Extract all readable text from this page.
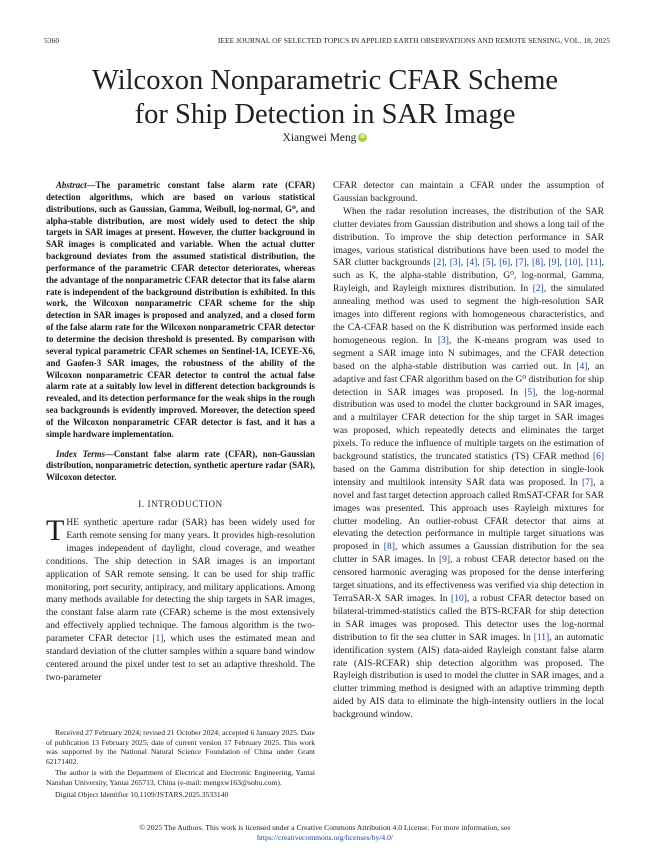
5360	IEEE JOURNAL OF SELECTED TOPICS IN APPLIED EARTH OBSERVATIONS AND REMOTE SENSING, VOL. 18, 2025
Wilcoxon Nonparametric CFAR Scheme
for Ship Detection in SAR Image
Xiangwei Meng iD

Abstract—The parametric constant false alarm rate (CFAR) detection algorithms, which are based on various statistical distributions, such as Gaussian, Gamma, Weibull, log-normal, G⁰, and alpha-stable distribution, are most widely used to detect the ship targets in SAR images at present. However, the clutter background in SAR images is complicated and variable. When the actual clutter background deviates from the assumed statistical distribution, the performance of the parametric CFAR detector deteriorates, whereas the advantage of the nonparametric CFAR detector that its false alarm rate is independent of the background distribution is exhibited. In this work, the Wilcoxon nonparametric CFAR scheme for the ship detection in SAR images is proposed and analyzed, and a closed form of the false alarm rate for the Wilcoxon nonparametric CFAR detector to determine the decision threshold is presented. By comparison with several typical parametric CFAR schemes on Sentinel-1A, ICEYE-X6, and Gaofen-3 SAR images, the robustness of the ability of the Wilcoxon nonparametric CFAR detector to control the actual false alarm rate at a suitably low level in different detection backgrounds is revealed, and its detection performance for the weak ships in the rough sea backgrounds is evidently improved. Moreover, the detection speed of the Wilcoxon nonparametric CFAR detector is fast, and it has a simple hardware implementation.

Index Terms—Constant false alarm rate (CFAR), non-Gaussian distribution, nonparametric detection, synthetic aperture radar (SAR), Wilcoxon detector.

I. INTRODUCTION

THE synthetic aperture radar (SAR) has been widely used for Earth remote sensing for many years. It provides high-resolution images independent of daylight, cloud coverage, and weather conditions. The ship detection in SAR images is an important application of SAR remote sensing. It can be used for ship traffic monitoring, port security, antipiracy, and military applications. Among many methods available for detecting the ship targets in SAR images, the constant false alarm rate (CFAR) scheme is the most extensively and effectively applied technique. The famous algorithm is the two-parameter CFAR detector [1], which uses the estimated mean and standard deviation of the clutter samples within a square band window centered around the pixel under test to set an adaptive threshold. The two-parameter

Received 27 February 2024; revised 21 October 2024; accepted 6 January 2025. Date of publication 13 February 2025; date of current version 17 February 2025. This work was supported by the National Natural Science Foundation of China under Grant 62171402.

The author is with the Department of Electrical and Electronic Engineering, Yantai Nanshan University, Yantai 265713, China (e-mail: mengxw163@sohu.com).

Digital Object Identifier 10.1109/JSTARS.2025.3533140

CFAR detector can maintain a CFAR under the assumption of Gaussian background.

When the radar resolution increases, the distribution of the SAR clutter deviates from Gaussian distribution and shows a long tail of the distribution. To improve the ship detection performance in SAR images, various statistical distributions have been used to model the SAR clutter backgrounds [2], [3], [4], [5], [6], [7], [8], [9], [10], [11], such as K, the alpha-stable distribution, G⁰, log-normal, Gamma, Rayleigh, and Rayleigh mixtures distribution. In [2], the simulated annealing method was used to segment the high-resolution SAR images into different regions with homogeneous characteristics, and the CA-CFAR based on the K distribution was performed inside each homogeneous region. In [3], the K-means program was used to segment a SAR image into N subimages, and the CFAR detection based on the alpha-stable distribution was carried out. In [4], an adaptive and fast CFAR algorithm based on the G⁰ distribution for ship detection in SAR images was proposed. In [5], the log-normal distribution was used to model the clutter background in SAR images, and a multilayer CFAR detection for the ship target in SAR images was proposed, which repeatedly detects and eliminates the target pixels. To reduce the influence of multiple targets on the estimation of background statistics, the truncated statistics (TS) CFAR method [6] based on the Gamma distribution for ship detection in single-look intensity and multilook intensity SAR data was proposed. In [7], a novel and fast target detection approach called RmSAT-CFAR for SAR images was presented. This approach uses Rayleigh mixtures for clutter modeling. An outlier-robust CFAR detector that aims at elevating the detection performance in multiple target situations was proposed in [8], which assumes a Gaussian distribution for the sea clutter in SAR images. In [9], a robust CFAR detector based on the censored harmonic averaging was proposed for the dense interfering target situations, and its effectiveness was verified via ship detection in TerraSAR-X SAR images. In [10], a robust CFAR detector based on bilateral-trimmed-statistics called the BTS-RCFAR for ship detection in SAR images was proposed. This detector uses the log-normal distribution to fit the sea clutter in SAR images. In [11], an automatic identification system (AIS) data-aided Rayleigh constant false alarm rate (AIS-RCFAR) ship detection algorithm was proposed. The Rayleigh distribution is used to model the clutter in SAR images, and a clutter trimming method is designed with an adaptive trimming depth aided by AIS data to eliminate the high-intensity outliers in the local background window.

© 2025 The Authors. This work is licensed under a Creative Commons Attribution 4.0 License. For more information, see
https://creativecommons.org/licenses/by/4.0/
